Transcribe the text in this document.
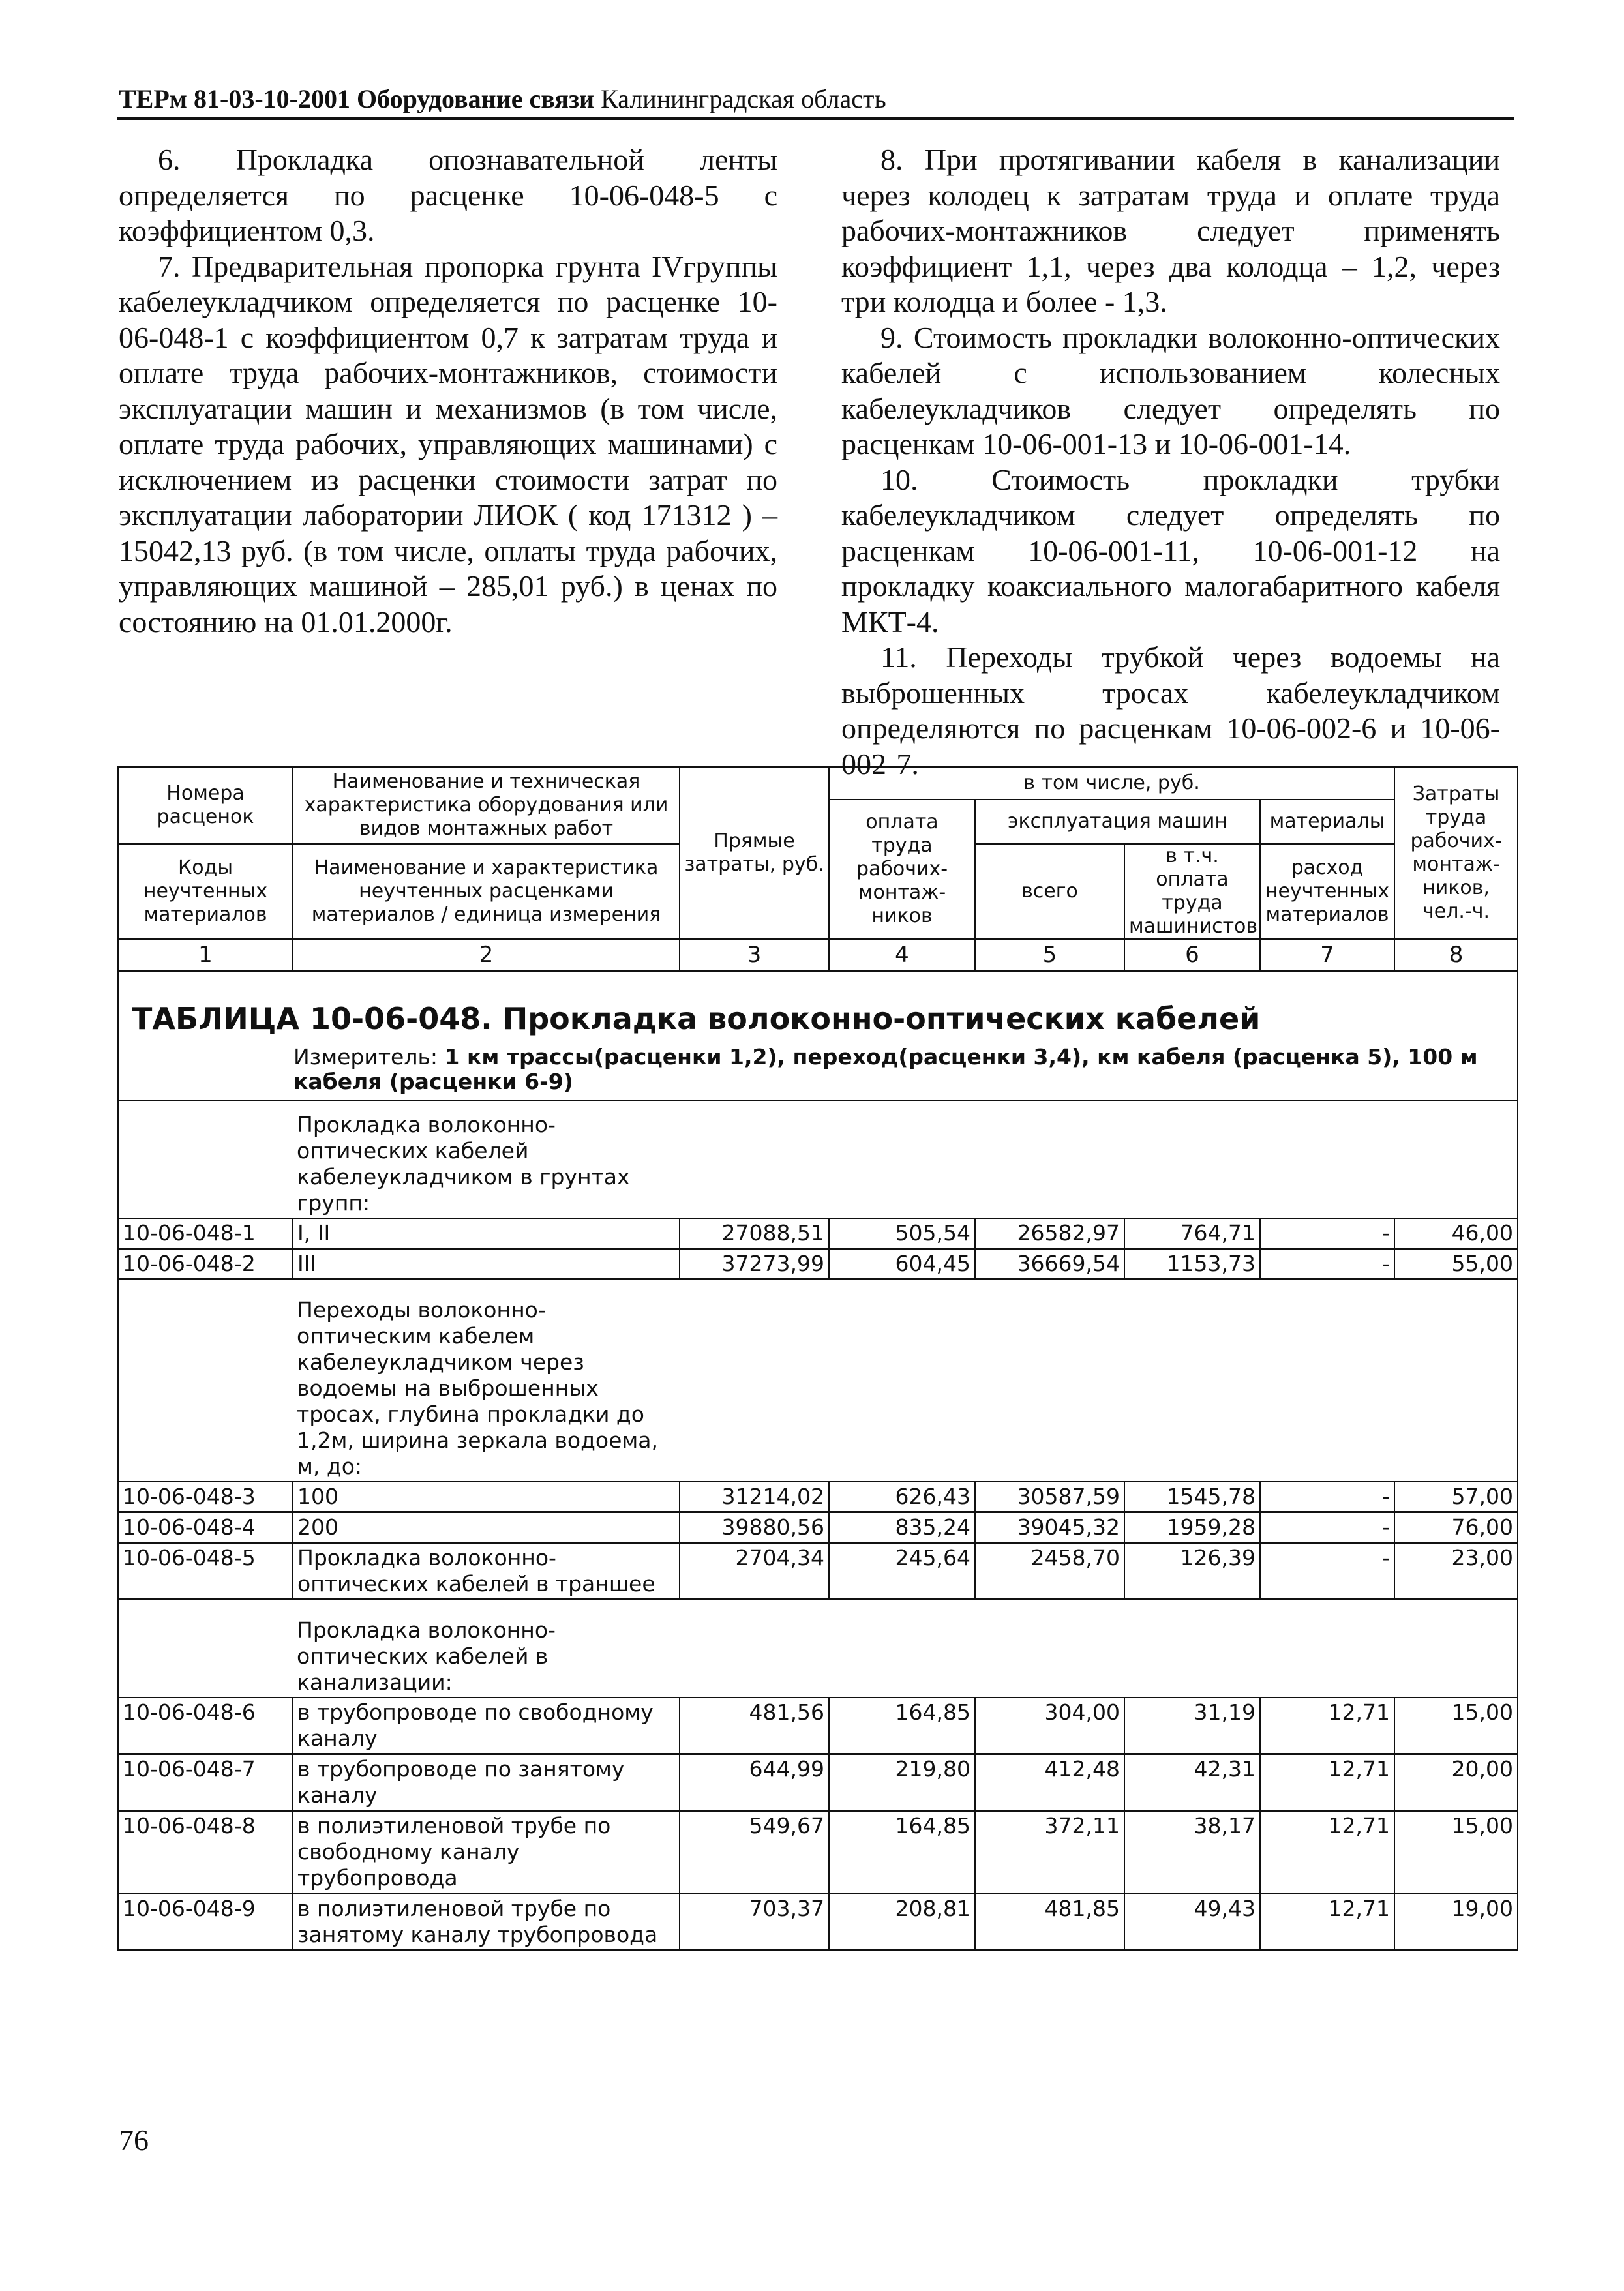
ТЕРм 81-03-10-2001 Оборудование связи Калининградская область

6. Прокладка опознавательной ленты определяется по расценке 10-06-048-5 с коэффициентом 0,3.

7. Предварительная пропорка грунта IVгруппы кабелеукладчиком определяется по расценке 10-06-048-1 с коэффициентом 0,7 к затратам труда и оплате труда рабочих-монтажников, стоимости эксплуатации машин и механизмов (в том числе, оплате труда рабочих, управляющих машинами) с исключением из расценки стоимости затрат по эксплуатации лаборатории ЛИОК ( код 171312 ) – 15042,13 руб. (в том числе, оплаты труда рабочих, управляющих машиной – 285,01 руб.) в ценах по состоянию на 01.01.2000г.

8. При протягивании кабеля в канализации через колодец к затратам труда и оплате труда рабочих-монтажников следует применять коэффициент 1,1, через два колодца – 1,2, через три колодца и более - 1,3.

9. Стоимость прокладки волоконно-оптических кабелей с использованием колесных кабелеукладчиков следует определять по расценкам 10-06-001-13 и 10-06-001-14.

10. Стоимость прокладки трубки кабелеукладчиком следует определять по расценкам 10-06-001-11, 10-06-001-12 на прокладку коаксиального малогабаритного кабеля МКТ-4.

11. Переходы трубкой через водоемы на выброшенных тросах кабелеукладчиком определяются по расценкам 10-06-002-6 и 10-06-002-7.

Номера расценок	Наименование и техническая характеристика оборудования или видов монтажных работ	Прямые затраты, руб.	в том числе, руб.				Затраты труда рабочих-монтаж-ников, чел.-ч.
			оплата труда рабочих-монтаж-ников	эксплуатация машин		материалы	
Коды неучтенных материалов	Наименование и характеристика неучтенных расценками материалов / единица измерения			всего	в т.ч. оплата труда машинистов	расход неучтенных материалов	

1	2	3	4	5	6	7	8

ТАБЛИЦА 10-06-048. Прокладка волоконно-оптических кабелей
Измеритель: 1 км трассы(расценки 1,2), переход(расценки 3,4), км кабеля (расценка 5), 100 м кабеля (расценки 6-9)							

	Прокладка волоконно-оптических кабелей кабелеукладчиком в грунтах групп:						
10-06-048-1	I, II	27088,51	505,54	26582,97	764,71	-	46,00
10-06-048-2	III	37273,99	604,45	36669,54	1153,73	-	55,00
	Переходы волоконно-оптическим кабелем кабелеукладчиком через водоемы на выброшенных тросах, глубина прокладки до 1,2м, ширина зеркала водоема, м, до:						
10-06-048-3	100	31214,02	626,43	30587,59	1545,78	-	57,00
10-06-048-4	200	39880,56	835,24	39045,32	1959,28	-	76,00
10-06-048-5	Прокладка волоконно-оптических кабелей в траншее	2704,34	245,64	2458,70	126,39	-	23,00
	Прокладка волоконно-оптических кабелей в канализации:						
10-06-048-6	в трубопроводе по свободному каналу	481,56	164,85	304,00	31,19	12,71	15,00
10-06-048-7	в трубопроводе по занятому каналу	644,99	219,80	412,48	42,31	12,71	20,00
10-06-048-8	в полиэтиленовой трубе по свободному каналу трубопровода	549,67	164,85	372,11	38,17	12,71	15,00
10-06-048-9	в полиэтиленовой трубе по занятому каналу трубопровода	703,37	208,81	481,85	49,43	12,71	19,00
76
